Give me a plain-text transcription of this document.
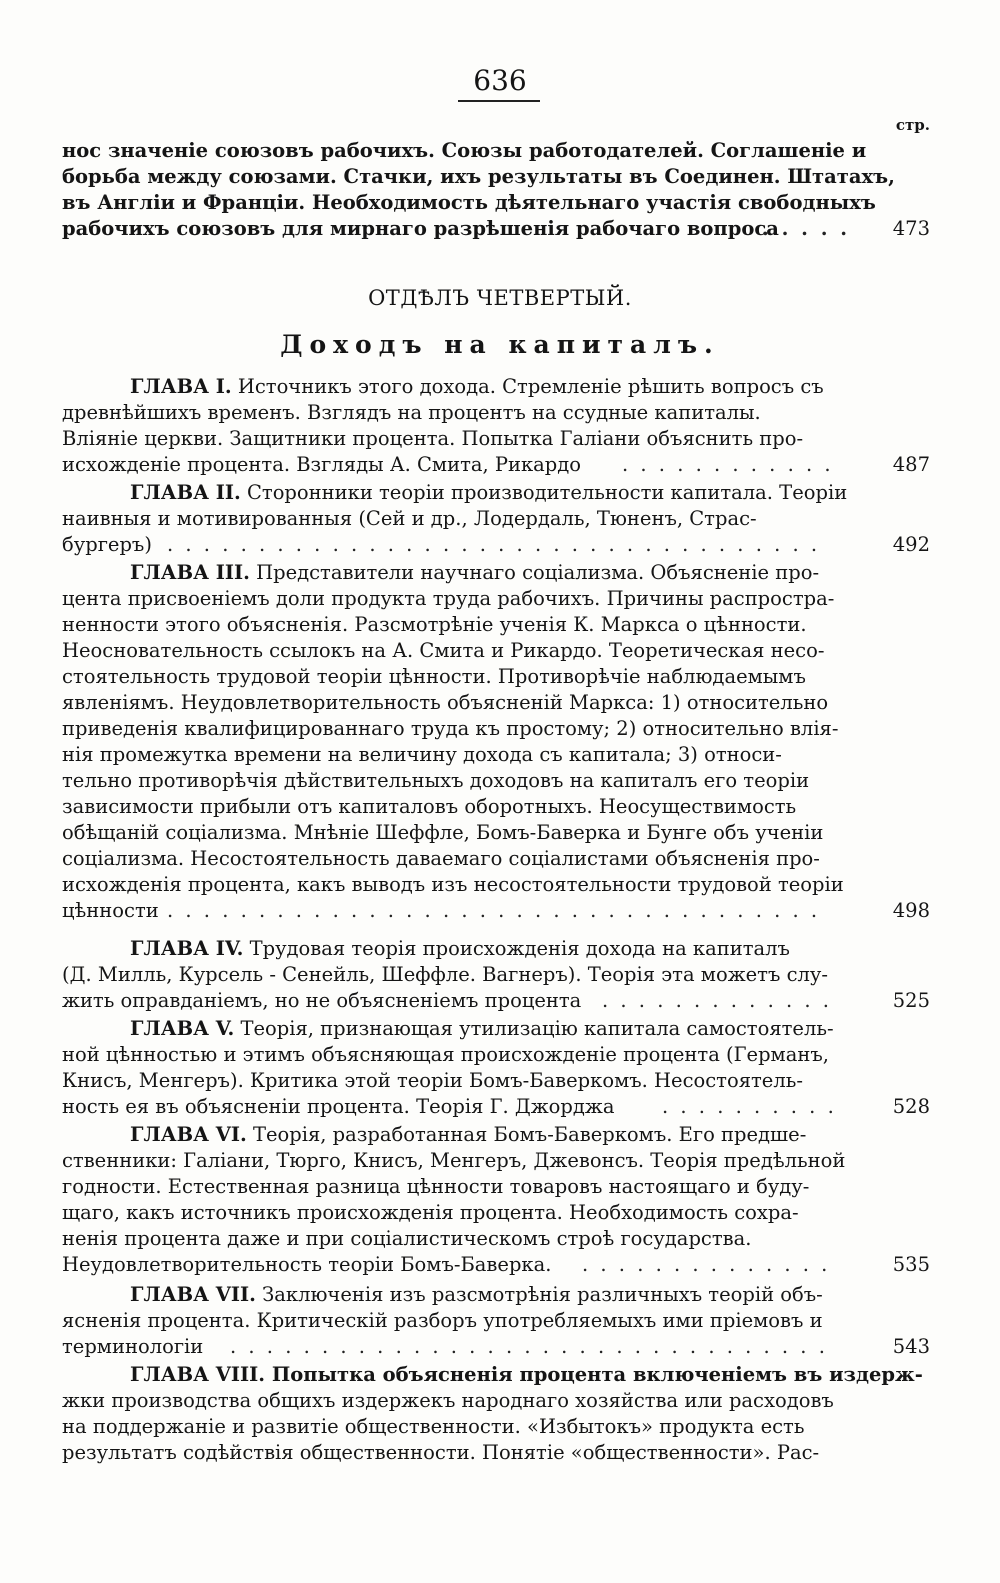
636
стр.
нос значеніе союзовъ рабочихъ. Союзы работодателей. Соглашеніе и
борьба между союзами. Стачки, ихъ результаты въ Соединен. Штатахъ,
въ Англіи и Франціи. Необходимость дѣятельнаго участія свободныхъ
рабочихъ союзовъ для мирнаго разрѣшенія рабочаго вопроса
. . . . .	473
ОТДѢЛЪ ЧЕТВЕРТЫЙ.
Доходъ на капиталъ.
ГЛАВА I. Источникъ этого дохода. Стремленіе рѣшить вопросъ съ
древнѣйшихъ временъ. Взглядъ на процентъ на ссудные капиталы.
Вліяніе церкви. Защитники процента. Попытка Галіани объяснить про-
исхожденіе процента. Взгляды А. Смита, Рикардо . . . . . . . . . . . .	487
ГЛАВА II. Сторонники теоріи производительности капитала. Теоріи
наивныя и мотивированныя (Сей и др., Лодердаль, Тюненъ, Страс-
бургеръ) . . . . . . . . . . . . . . . . . . . . . . . . . . . . . . . . . . . .	492
ГЛАВА III. Представители научнаго соціализма. Объясненіе про-
цента присвоеніемъ доли продукта труда рабочихъ. Причины распростра-
ненности этого объясненія. Разсмотрѣніе ученія К. Маркса о цѣнности.
Неосновательность ссылокъ на А. Смита и Рикардо. Теоретическая несо-
стоятельность трудовой теоріи цѣнности. Противорѣчіе наблюдаемымъ
явленіямъ. Неудовлетворительность объясненій Маркса: 1) относительно
приведенія квалифицированнаго труда къ простому; 2) относительно влія-
нія промежутка времени на величину дохода съ капитала; 3) относи-
тельно противорѣчія дѣйствительныхъ доходовъ на капиталъ его теоріи
зависимости прибыли отъ капиталовъ оборотныхъ. Неосуществимость
обѣщаній соціализма. Мнѣніе Шеффле, Бомъ-Баверка и Бунге объ ученіи
соціализма. Несостоятельность даваемаго соціалистами объясненія про-
исхожденія процента, какъ выводъ изъ несостоятельности трудовой теоріи
цѣнности . . . . . . . . . . . . . . . . . . . . . . . . . . . . . . . . . . . .	498
ГЛАВА IV. Трудовая теорія происхожденія дохода на капиталъ
(Д. Милль, Курсель - Сенейль, Шеффле. Вагнеръ). Теорія эта можетъ слу-
жить оправданіемъ, но не объясненіемъ процента . . . . . . . . . . . . .	525
ГЛАВА V. Теорія, признающая утилизацію капитала самостоятель-
ной цѣнностью и этимъ объясняющая происхожденіе процента (Германъ,
Книсъ, Менгеръ). Критика этой теоріи Бомъ-Баверкомъ. Несостоятель-
ность ея въ объясненіи процента. Теорія Г. Джорджа . . . . . . . . . .	528
ГЛАВА VI. Теорія, разработанная Бомъ-Баверкомъ. Его предше-
ственники: Галіани, Тюрго, Книсъ, Менгеръ, Джевонсъ. Теорія предѣльной
годности. Естественная разница цѣнности товаровъ настоящаго и буду-
щаго, какъ источникъ происхожденія процента. Необходимость сохра-
ненія процента даже и при соціалистическомъ строѣ государства.
Неудовлетворительность теоріи Бомъ-Баверка. . . . . . . . . . . . . . .	535
ГЛАВА VII. Заключенія изъ разсмотрѣнія различныхъ теорій объ-
ясненія процента. Критическій разборъ употребляемыхъ ими пріемовъ и
терминологіи . . . . . . . . . . . . . . . . . . . . . . . . . . . . . . . . .	543
ГЛАВА VIII. Попытка объясненія процента включеніемъ въ издерж-
жки производства общихъ издержекъ народнаго хозяйства или расходовъ
на поддержаніе и развитіе общественности. «Избытокъ» продукта есть
результатъ содѣйствія общественности. Понятіе «общественности». Рас-
